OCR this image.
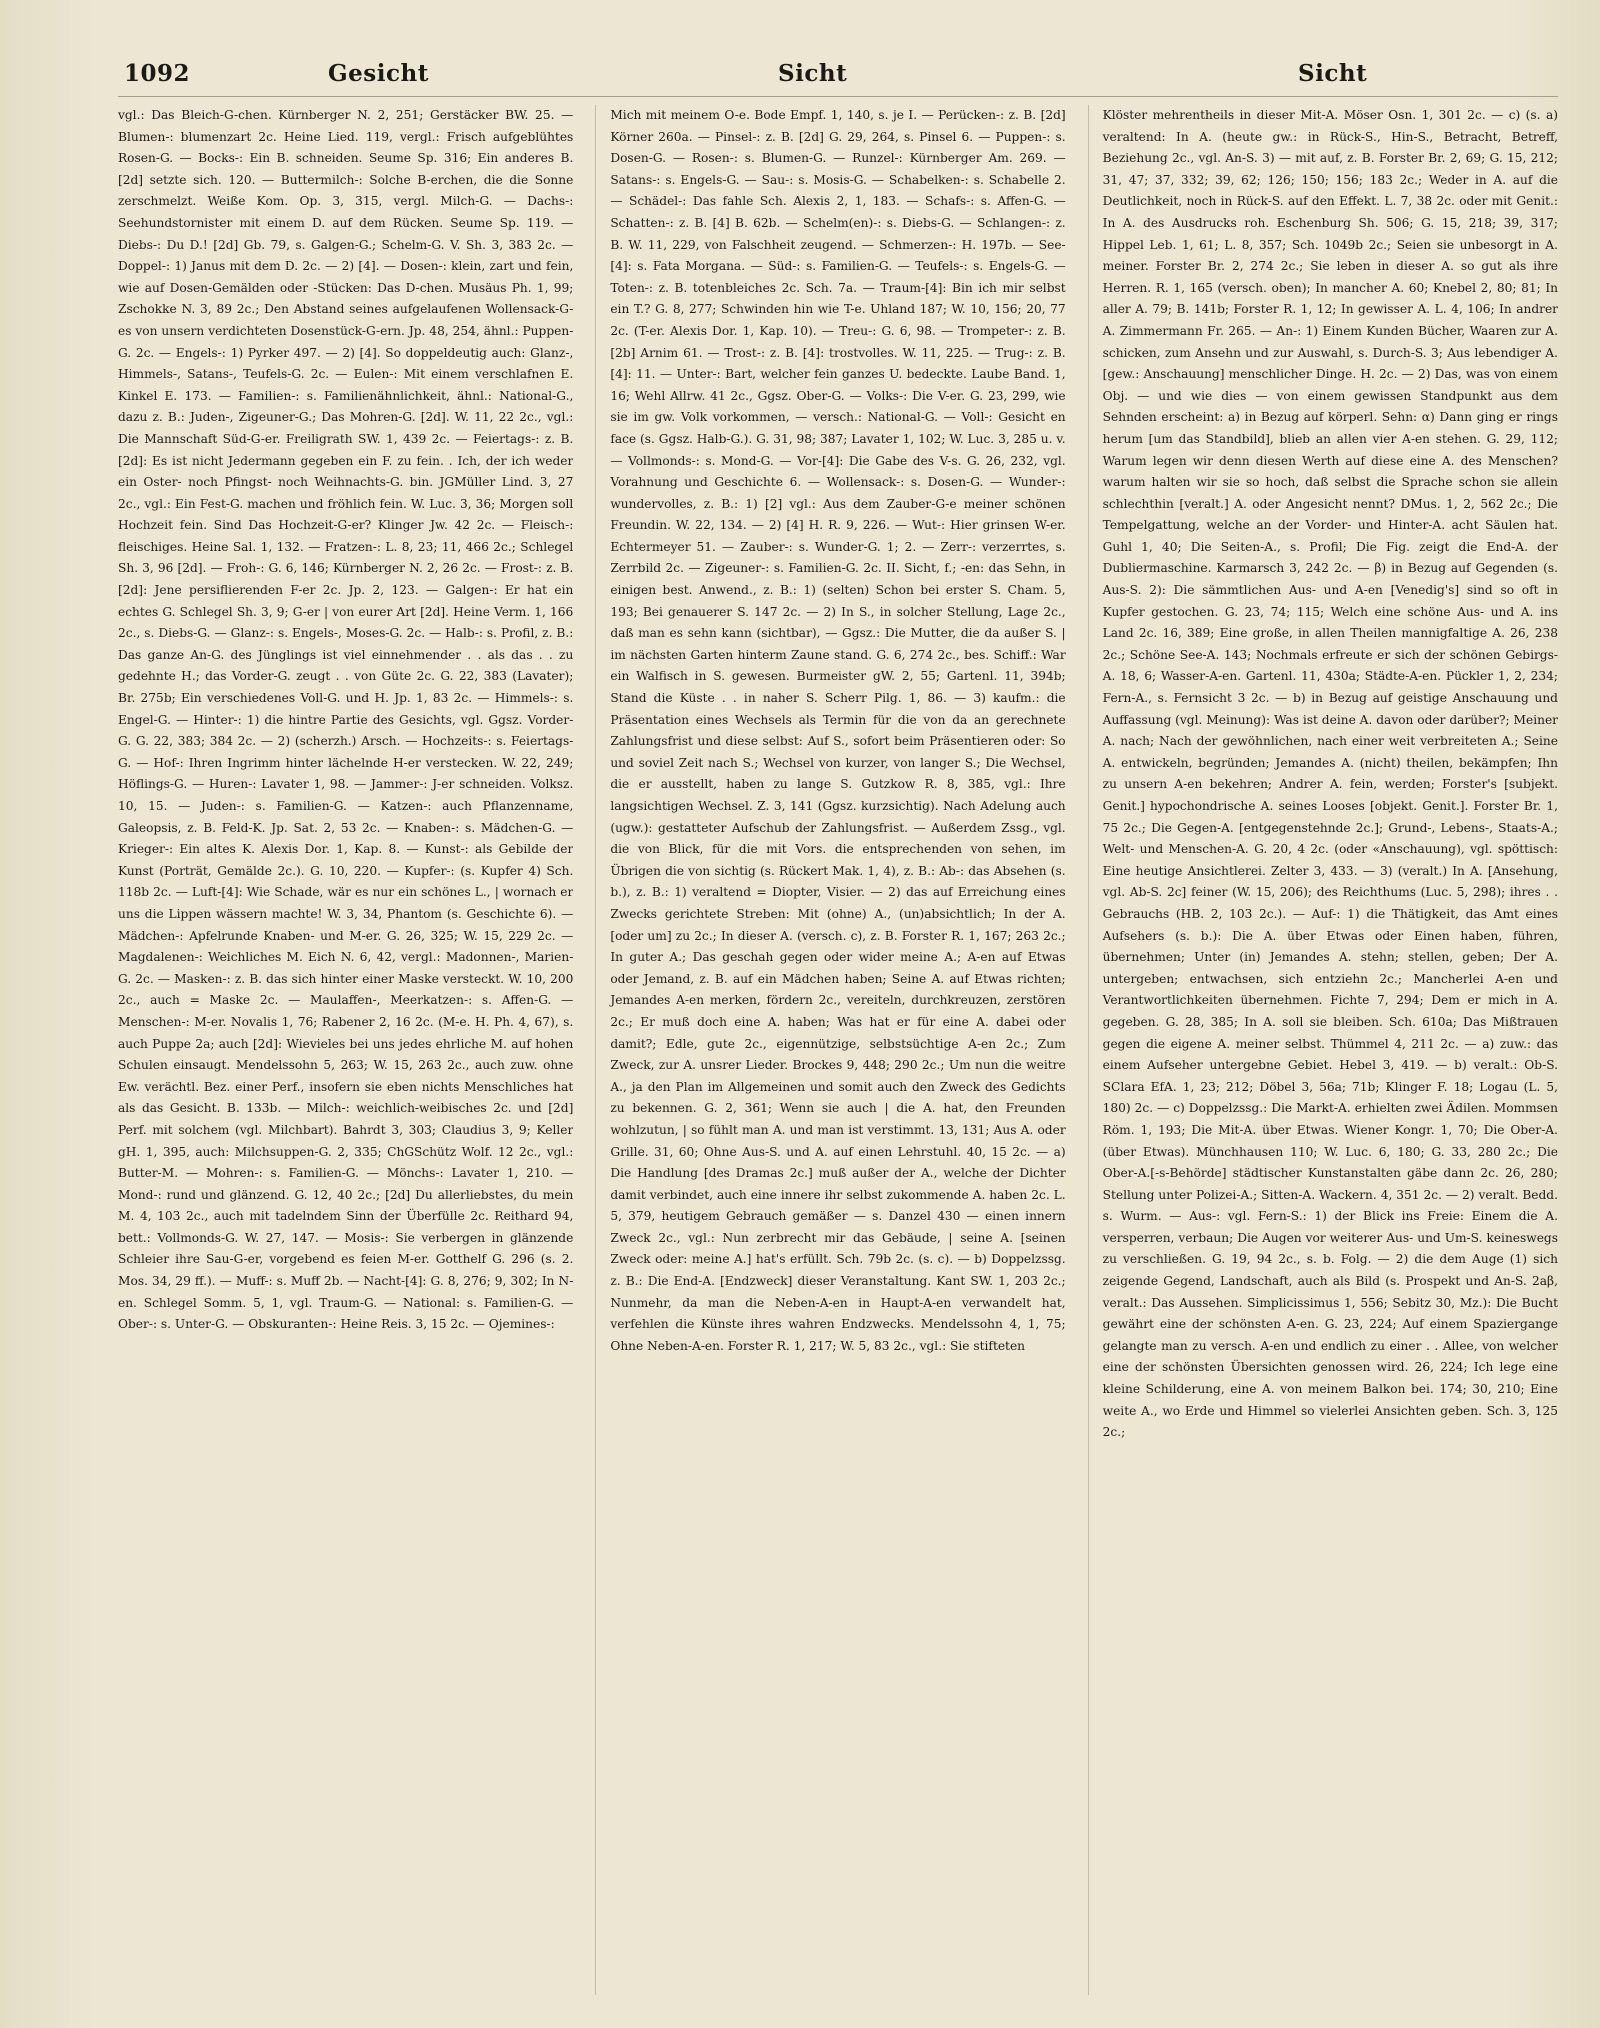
1092	Gesicht	Sicht	Sicht

vgl.: Das Bleich-G-chen. Kürnberger N. 2, 251; Gerstäcker BW. 25. — Blumen-: blumenzart 2c. Heine Lied. 119, vergl.: Frisch aufgeblühtes Rosen-G. — Bocks-: Ein B. schneiden. Seume Sp. 316; Ein anderes B. [2d] setzte sich. 120. — Buttermilch-: Solche B-erchen, die die Sonne zerschmelzt. Weiße Kom. Op. 3, 315, vergl. Milch-G. — Dachs-: Seehundstornister mit einem D. auf dem Rücken. Seume Sp. 119. — Diebs-: Du D.! [2d] Gb. 79, s. Galgen-G.; Schelm-G. V. Sh. 3, 383 2c. — Doppel-: 1) Janus mit dem D. 2c. — 2) [4]. — Dosen-: klein, zart und fein, wie auf Dosen-Gemälden oder -Stücken: Das D-chen. Musäus Ph. 1, 99; Zschokke N. 3, 89 2c.; Den Abstand seines aufgelaufenen Wollensack-G-es von unsern verdichteten Dosenstück-G-ern. Jp. 48, 254, ähnl.: Puppen-G. 2c. — Engels-: 1) Pyrker 497. — 2) [4]. So doppeldeutig auch: Glanz-, Himmels-, Satans-, Teufels-G. 2c. — Eulen-: Mit einem verschlafnen E. Kinkel E. 173. — Familien-: s. Familienähnlichkeit, ähnl.: National-G., dazu z. B.: Juden-, Zigeuner-G.; Das Mohren-G. [2d]. W. 11, 22 2c., vgl.: Die Mannschaft Süd-G-er. Freiligrath SW. 1, 439 2c. — Feiertags-: z. B. [2d]: Es ist nicht Jedermann gegeben ein F. zu fein. . Ich, der ich weder ein Oster- noch Pfingst- noch Weihnachts-G. bin. JGMüller Lind. 3, 27 2c., vgl.: Ein Fest-G. machen und fröhlich fein. W. Luc. 3, 36; Morgen soll Hochzeit fein. Sind Das Hochzeit-G-er? Klinger Jw. 42 2c. — Fleisch-: fleischiges. Heine Sal. 1, 132. — Fratzen-: L. 8, 23; 11, 466 2c.; Schlegel Sh. 3, 96 [2d]. — Froh-: G. 6, 146; Kürnberger N. 2, 26 2c. — Frost-: z. B. [2d]: Jene persiflierenden F-er 2c. Jp. 2, 123. — Galgen-: Er hat ein echtes G. Schlegel Sh. 3, 9; G-er | von eurer Art [2d]. Heine Verm. 1, 166 2c., s. Diebs-G. — Glanz-: s. Engels-, Moses-G. 2c. — Halb-: s. Profil, z. B.: Das ganze An-G. des Jünglings ist viel einnehmender . . als das . . zu gedehnte H.; das Vorder-G. zeugt . . von Güte 2c. G. 22, 383 (Lavater); Br. 275b; Ein verschiedenes Voll-G. und H. Jp. 1, 83 2c. — Himmels-: s. Engel-G. — Hinter-: 1) die hintre Partie des Gesichts, vgl. Ggsz. Vorder-G. G. 22, 383; 384 2c. — 2) (scherzh.) Arsch. — Hochzeits-: s. Feiertags-G. — Hof-: Ihren Ingrimm hinter lächelnde H-er verstecken. W. 22, 249; Höflings-G. — Huren-: Lavater 1, 98. — Jammer-: J-er schneiden. Volksz. 10, 15. — Juden-: s. Familien-G. — Katzen-: auch Pflanzenname, Galeopsis, z. B. Feld-K. Jp. Sat. 2, 53 2c. — Knaben-: s. Mädchen-G. — Krieger-: Ein altes K. Alexis Dor. 1, Kap. 8. — Kunst-: als Gebilde der Kunst (Porträt, Gemälde 2c.). G. 10, 220. — Kupfer-: (s. Kupfer 4) Sch. 118b 2c. — Luft-[4]: Wie Schade, wär es nur ein schönes L., | wornach er uns die Lippen wässern machte! W. 3, 34, Phantom (s. Geschichte 6). — Mädchen-: Apfelrunde Knaben- und M-er. G. 26, 325; W. 15, 229 2c. — Magdalenen-: Weichliches M. Eich N. 6, 42, vergl.: Madonnen-, Marien-G. 2c. — Masken-: z. B. das sich hinter einer Maske versteckt. W. 10, 200 2c., auch = Maske 2c. — Maulaffen-, Meerkatzen-: s. Affen-G. — Menschen-: M-er. Novalis 1, 76; Rabener 2, 16 2c. (M-e. H. Ph. 4, 67), s. auch Puppe 2a; auch [2d]: Wievieles bei uns jedes ehrliche M. auf hohen Schulen einsaugt. Mendelssohn 5, 263; W. 15, 263 2c., auch zuw. ohne Ew. verächtl. Bez. einer Perf., insofern sie eben nichts Menschliches hat als das Gesicht. B. 133b. — Milch-: weichlich-weibisches 2c. und [2d] Perf. mit solchem (vgl. Milchbart). Bahrdt 3, 303; Claudius 3, 9; Keller gH. 1, 395, auch: Milchsuppen-G. 2, 335; ChGSchütz Wolf. 12 2c., vgl.: Butter-M. — Mohren-: s. Familien-G. — Mönchs-: Lavater 1, 210. — Mond-: rund und glänzend. G. 12, 40 2c.; [2d] Du allerliebstes, du mein M. 4, 103 2c., auch mit tadelndem Sinn der Überfülle 2c. Reithard 94, bett.: Vollmonds-G. W. 27, 147. — Mosis-: Sie verbergen in glänzende Schleier ihre Sau-G-er, vorgebend es feien M-er. Gotthelf G. 296 (s. 2. Mos. 34, 29 ff.). — Muff-: s. Muff 2b. — Nacht-[4]: G. 8, 276; 9, 302; In N-en. Schlegel Somm. 5, 1, vgl. Traum-G. — National: s. Familien-G. — Ober-: s. Unter-G. — Obskuranten-: Heine Reis. 3, 15 2c. — Ojemines-:

Mich mit meinem O-e. Bode Empf. 1, 140, s. je I. — Perücken-: z. B. [2d] Körner 260a. — Pinsel-: z. B. [2d] G. 29, 264, s. Pinsel 6. — Puppen-: s. Dosen-G. — Rosen-: s. Blumen-G. — Runzel-: Kürnberger Am. 269. — Satans-: s. Engels-G. — Sau-: s. Mosis-G. — Schabelken-: s. Schabelle 2. — Schädel-: Das fahle Sch. Alexis 2, 1, 183. — Schafs-: s. Affen-G. — Schatten-: z. B. [4] B. 62b. — Schelm(en)-: s. Diebs-G. — Schlangen-: z. B. W. 11, 229, von Falschheit zeugend. — Schmerzen-: H. 197b. — See-[4]: s. Fata Morgana. — Süd-: s. Familien-G. — Teufels-: s. Engels-G. — Toten-: z. B. totenbleiches 2c. Sch. 7a. — Traum-[4]: Bin ich mir selbst ein T.? G. 8, 277; Schwinden hin wie T-e. Uhland 187; W. 10, 156; 20, 77 2c. (T-er. Alexis Dor. 1, Kap. 10). — Treu-: G. 6, 98. — Trompeter-: z. B. [2b] Arnim 61. — Trost-: z. B. [4]: trostvolles. W. 11, 225. — Trug-: z. B. [4]: 11. — Unter-: Bart, welcher fein ganzes U. bedeckte. Laube Band. 1, 16; Wehl Allrw. 41 2c., Ggsz. Ober-G. — Volks-: Die V-er. G. 23, 299, wie sie im gw. Volk vorkommen, — versch.: National-G. — Voll-: Gesicht en face (s. Ggsz. Halb-G.). G. 31, 98; 387; Lavater 1, 102; W. Luc. 3, 285 u. v. — Vollmonds-: s. Mond-G. — Vor-[4]: Die Gabe des V-s. G. 26, 232, vgl. Vorahnung und Geschichte 6. — Wollensack-: s. Dosen-G. — Wunder-: wundervolles, z. B.: 1) [2] vgl.: Aus dem Zauber-G-e meiner schönen Freundin. W. 22, 134. — 2) [4] H. R. 9, 226. — Wut-: Hier grinsen W-er. Echtermeyer 51. — Zauber-: s. Wunder-G. 1; 2. — Zerr-: verzerrtes, s. Zerrbild 2c. — Zigeuner-: s. Familien-G. 2c. II. Sicht, f.; -en: das Sehn, in einigen best. Anwend., z. B.: 1) (selten) Schon bei erster S. Cham. 5, 193; Bei genauerer S. 147 2c. — 2) In S., in solcher Stellung, Lage 2c., daß man es sehn kann (sichtbar), — Ggsz.: Die Mutter, die da außer S. | im nächsten Garten hinterm Zaune stand. G. 6, 274 2c., bes. Schiff.: War ein Walfisch in S. gewesen. Burmeister gW. 2, 55; Gartenl. 11, 394b; Stand die Küste . . in naher S. Scherr Pilg. 1, 86. — 3) kaufm.: die Präsentation eines Wechsels als Termin für die von da an gerechnete Zahlungsfrist und diese selbst: Auf S., sofort beim Präsentieren oder: So und soviel Zeit nach S.; Wechsel von kurzer, von langer S.; Die Wechsel, die er ausstellt, haben zu lange S. Gutzkow R. 8, 385, vgl.: Ihre langsichtigen Wechsel. Z. 3, 141 (Ggsz. kurzsichtig). Nach Adelung auch (ugw.): gestatteter Aufschub der Zahlungsfrist. — Außerdem Zssg., vgl. die von Blick, für die mit Vors. die entsprechenden von sehen, im Übrigen die von sichtig (s. Rückert Mak. 1, 4), z. B.: Ab-: das Absehen (s. b.), z. B.: 1) veraltend = Diopter, Visier. — 2) das auf Erreichung eines Zwecks gerichtete Streben: Mit (ohne) A., (un)absichtlich; In der A. [oder um] zu 2c.; In dieser A. (versch. c), z. B. Forster R. 1, 167; 263 2c.; In guter A.; Das geschah gegen oder wider meine A.; A-en auf Etwas oder Jemand, z. B. auf ein Mädchen haben; Seine A. auf Etwas richten; Jemandes A-en merken, fördern 2c., vereiteln, durchkreuzen, zerstören 2c.; Er muß doch eine A. haben; Was hat er für eine A. dabei oder damit?; Edle, gute 2c., eigennützige, selbstsüchtige A-en 2c.; Zum Zweck, zur A. unsrer Lieder. Brockes 9, 448; 290 2c.; Um nun die weitre A., ja den Plan im Allgemeinen und somit auch den Zweck des Gedichts zu bekennen. G. 2, 361; Wenn sie auch | die A. hat, den Freunden wohlzutun, | so fühlt man A. und man ist verstimmt. 13, 131; Aus A. oder Grille. 31, 60; Ohne Aus-S. und A. auf einen Lehrstuhl. 40, 15 2c. — a) Die Handlung [des Dramas 2c.] muß außer der A., welche der Dichter damit verbindet, auch eine innere ihr selbst zukommende A. haben 2c. L. 5, 379, heutigem Gebrauch gemäßer — s. Danzel 430 — einen innern Zweck 2c., vgl.: Nun zerbrecht mir das Gebäude, | seine A. [seinen Zweck oder: meine A.] hat's erfüllt. Sch. 79b 2c. (s. c). — b) Doppelzssg. z. B.: Die End-A. [Endzweck] dieser Veranstaltung. Kant SW. 1, 203 2c.; Nunmehr, da man die Neben-A-en in Haupt-A-en verwandelt hat, verfehlen die Künste ihres wahren Endzwecks. Mendelssohn 4, 1, 75; Ohne Neben-A-en. Forster R. 1, 217; W. 5, 83 2c., vgl.: Sie stifteten

Klöster mehrentheils in dieser Mit-A. Möser Osn. 1, 301 2c. — c) (s. a) veraltend: In A. (heute gw.: in Rück-S., Hin-S., Betracht, Betreff, Beziehung 2c., vgl. An-S. 3) — mit auf, z. B. Forster Br. 2, 69; G. 15, 212; 31, 47; 37, 332; 39, 62; 126; 150; 156; 183 2c.; Weder in A. auf die Deutlichkeit, noch in Rück-S. auf den Effekt. L. 7, 38 2c. oder mit Genit.: In A. des Ausdrucks roh. Eschenburg Sh. 506; G. 15, 218; 39, 317; Hippel Leb. 1, 61; L. 8, 357; Sch. 1049b 2c.; Seien sie unbesorgt in A. meiner. Forster Br. 2, 274 2c.; Sie leben in dieser A. so gut als ihre Herren. R. 1, 165 (versch. oben); In mancher A. 60; Knebel 2, 80; 81; In aller A. 79; B. 141b; Forster R. 1, 12; In gewisser A. L. 4, 106; In andrer A. Zimmermann Fr. 265. — An-: 1) Einem Kunden Bücher, Waaren zur A. schicken, zum Ansehn und zur Auswahl, s. Durch-S. 3; Aus lebendiger A. [gew.: Anschauung] menschlicher Dinge. H. 2c. — 2) Das, was von einem Obj. — und wie dies — von einem gewissen Standpunkt aus dem Sehnden erscheint: a) in Bezug auf körperl. Sehn: α) Dann ging er rings herum [um das Standbild], blieb an allen vier A-en stehen. G. 29, 112; Warum legen wir denn diesen Werth auf diese eine A. des Menschen? warum halten wir sie so hoch, daß selbst die Sprache schon sie allein schlechthin [veralt.] A. oder Angesicht nennt? DMus. 1, 2, 562 2c.; Die Tempelgattung, welche an der Vorder- und Hinter-A. acht Säulen hat. Guhl 1, 40; Die Seiten-A., s. Profil; Die Fig. zeigt die End-A. der Dubliermaschine. Karmarsch 3, 242 2c. — β) in Bezug auf Gegenden (s. Aus-S. 2): Die sämmtlichen Aus- und A-en [Venedig's] sind so oft in Kupfer gestochen. G. 23, 74; 115; Welch eine schöne Aus- und A. ins Land 2c. 16, 389; Eine große, in allen Theilen mannigfaltige A. 26, 238 2c.; Schöne See-A. 143; Nochmals erfreute er sich der schönen Gebirgs-A. 18, 6; Wasser-A-en. Gartenl. 11, 430a; Städte-A-en. Pückler 1, 2, 234; Fern-A., s. Fernsicht 3 2c. — b) in Bezug auf geistige Anschauung und Auffassung (vgl. Meinung): Was ist deine A. davon oder darüber?; Meiner A. nach; Nach der gewöhnlichen, nach einer weit verbreiteten A.; Seine A. entwickeln, begründen; Jemandes A. (nicht) theilen, bekämpfen; Ihn zu unsern A-en bekehren; Andrer A. fein, werden; Forster's [subjekt. Genit.] hypochondrische A. seines Looses [objekt. Genit.]. Forster Br. 1, 75 2c.; Die Gegen-A. [entgegenstehnde 2c.]; Grund-, Lebens-, Staats-A.; Welt- und Menschen-A. G. 20, 4 2c. (oder «Anschauung), vgl. spöttisch: Eine heutige Ansichtlerei. Zelter 3, 433. — 3) (veralt.) In A. [Ansehung, vgl. Ab-S. 2c] feiner (W. 15, 206); des Reichthums (Luc. 5, 298); ihres . . Gebrauchs (HB. 2, 103 2c.). — Auf-: 1) die Thätigkeit, das Amt eines Aufsehers (s. b.): Die A. über Etwas oder Einen haben, führen, übernehmen; Unter (in) Jemandes A. stehn; stellen, geben; Der A. untergeben; entwachsen, sich entziehn 2c.; Mancherlei A-en und Verantwortlichkeiten übernehmen. Fichte 7, 294; Dem er mich in A. gegeben. G. 28, 385; In A. soll sie bleiben. Sch. 610a; Das Mißtrauen gegen die eigene A. meiner selbst. Thümmel 4, 211 2c. — a) zuw.: das einem Aufseher untergebne Gebiet. Hebel 3, 419. — b) veralt.: Ob-S. SClara EfA. 1, 23; 212; Döbel 3, 56a; 71b; Klinger F. 18; Logau (L. 5, 180) 2c. — c) Doppelzssg.: Die Markt-A. erhielten zwei Ädilen. Mommsen Röm. 1, 193; Die Mit-A. über Etwas. Wiener Kongr. 1, 70; Die Ober-A. (über Etwas). Münchhausen 110; W. Luc. 6, 180; G. 33, 280 2c.; Die Ober-A.[-s-Behörde] städtischer Kunstanstalten gäbe dann 2c. 26, 280; Stellung unter Polizei-A.; Sitten-A. Wackern. 4, 351 2c. — 2) veralt. Bedd. s. Wurm. — Aus-: vgl. Fern-S.: 1) der Blick ins Freie: Einem die A. versperren, verbaun; Die Augen vor weiterer Aus- und Um-S. keineswegs zu verschließen. G. 19, 94 2c., s. b. Folg. — 2) die dem Auge (1) sich zeigende Gegend, Landschaft, auch als Bild (s. Prospekt und An-S. 2aβ, veralt.: Das Aussehen. Simplicissimus 1, 556; Sebitz 30, Mz.): Die Bucht gewährt eine der schönsten A-en. G. 23, 224; Auf einem Spaziergange gelangte man zu versch. A-en und endlich zu einer . . Allee, von welcher eine der schönsten Übersichten genossen wird. 26, 224; Ich lege eine kleine Schilderung, eine A. von meinem Balkon bei. 174; 30, 210; Eine weite A., wo Erde und Himmel so vielerlei Ansichten geben. Sch. 3, 125 2c.;
